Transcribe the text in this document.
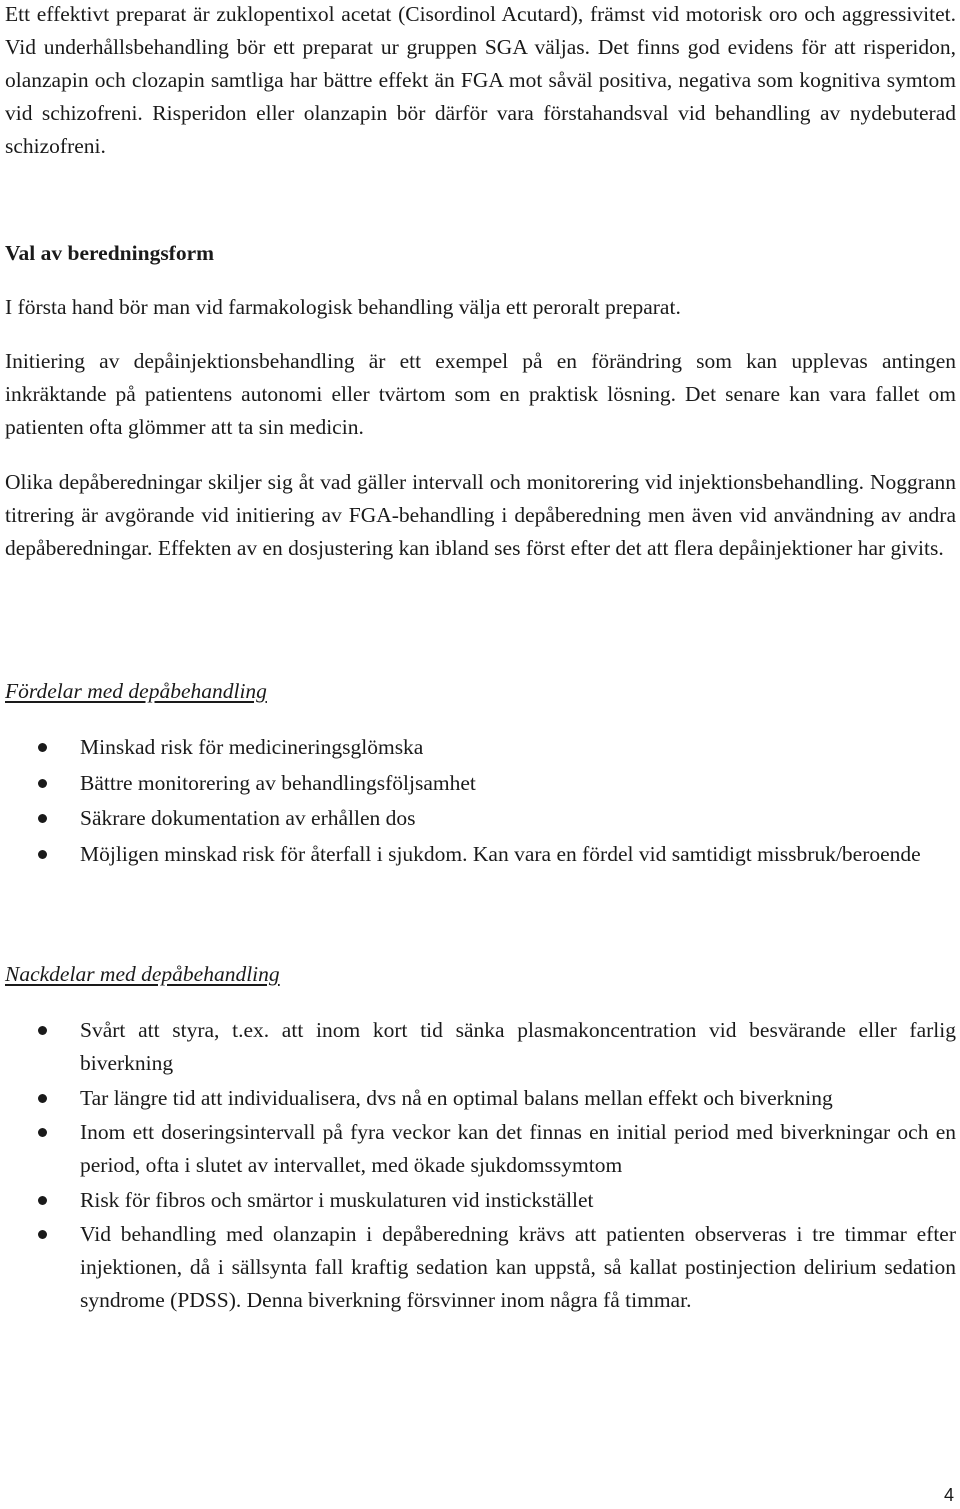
Ett effektivt preparat är zuklopentixol acetat (Cisordinol Acutard), främst vid motorisk oro och aggressivitet. Vid underhållsbehandling bör ett preparat ur gruppen SGA väljas. Det finns god evidens för att risperidon, olanzapin och clozapin samtliga har bättre effekt än FGA mot såväl positiva, negativa som kognitiva symtom vid schizofreni. Risperidon eller olanzapin bör därför vara förstahandsval vid behandling av nydebuterad schizofreni.

Val av beredningsform

I första hand bör man vid farmakologisk behandling välja ett peroralt preparat.

Initiering av depåinjektionsbehandling är ett exempel på en förändring som kan upplevas antingen inkräktande på patientens autonomi eller tvärtom som en praktisk lösning. Det senare kan vara fallet om patienten ofta glömmer att ta sin medicin.

Olika depåberedningar skiljer sig åt vad gäller intervall och monitorering vid injektionsbehandling. Noggrann titrering är avgörande vid initiering av FGA-behandling i depåberedning men även vid användning av andra depåberedningar. Effekten av en dosjustering kan ibland ses först efter det att flera depåinjektioner har givits.

Fördelar med depåbehandling
Minskad risk för medicineringsglömska
Bättre monitorering av behandlingsföljsamhet
Säkrare dokumentation av erhållen dos
Möjligen minskad risk för återfall i sjukdom. Kan vara en fördel vid samtidigt missbruk/beroende
Nackdelar med depåbehandling
Svårt att styra, t.ex. att inom kort tid sänka plasmakoncentration vid besvärande eller farlig biverkning
Tar längre tid att individualisera, dvs nå en optimal balans mellan effekt och biverkning
Inom ett doseringsintervall på fyra veckor kan det finnas en initial period med biverkningar och en period, ofta i slutet av intervallet, med ökade sjukdomssymtom
Risk för fibros och smärtor i muskulaturen vid instickstället
Vid behandling med olanzapin i depåberedning krävs att patienten observeras i tre timmar efter injektionen, då i sällsynta fall kraftig sedation kan uppstå, så kallat postinjection delirium sedation syndrome (PDSS). Denna biverkning försvinner inom några få timmar.
4
